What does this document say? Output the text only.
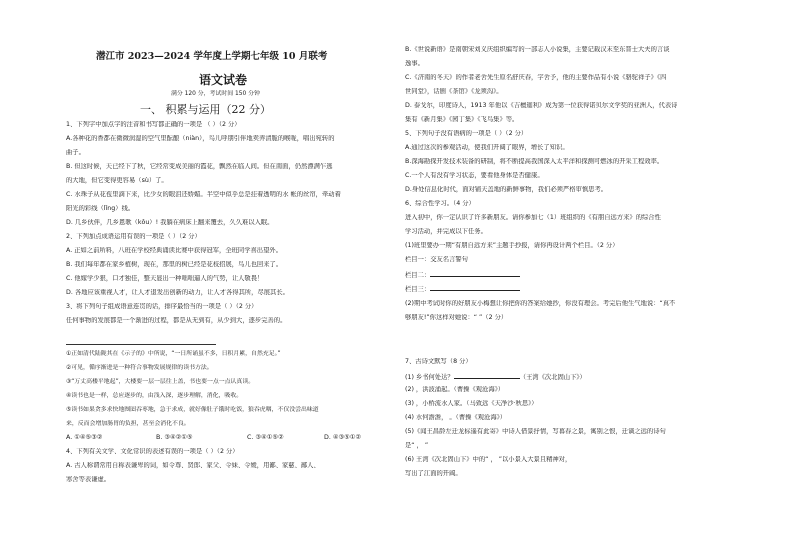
潜江市 2023—2024 学年度上学期七年级 10 月联考
语文试卷
满分 120 分，考试时间 150 分钟
一、 积累与运用（22 分）
1、下列字中加点字的注音和书写都正确的一项是 （ ）（2 分）
A.各种花的香都在微微润湿的空气里酝酿（niàn），鸟儿呼朋引伴地卖弄清脆的喉咙，唱出宛转的
曲子。
B. 但这时候，天已经下了秋，它经常变成美丽的霞花，飘然在临人间。但在南面，仍然漂满乍逃
的大地，但它变得更容易（sù）了。
C. 水珠子从花苞里滴下来，比少女的眼泪还娇媚。半空中似乎总是挂着透明的水 帐的丝帘，牵动着
阳光的彩线（lǐng）线。
D. 几乡伙伴，几乡恩歌（kǒu）! 我躺在病床上翻来覆去，久久难以入眠。
2、下列加点成语运用有误的一项是（ ）（2 分）
A. 正如之前所料，八班在学校经典诵读比赛中获得冠军，全班同学喜出望外。
B. 我们每年都在家乡植树，现在，那里的树已经是花枝招展，鸟儿也回来了。
C. 他嫁学少狠，口才独佳，整天显出一种咄咄逼人的气势，让人敬畏！
D. 各地应该重视人才，让人才退发出创新的动力，让人才各得其所，尽展其长。
3、将下列句子组成语意连贯的话，排序最恰当的一项是（ ）（2 分）
任何事物的发展都是一个渐进的过程，都是从无到有，从少到大，逐步完善的。
①正如清代陆陇其在《示子的》中所说，“一日所诵虽不多，日积月累，自然充足。”
②可见，循序渐进是一种符合事物发展规律的读书方法。
③“万丈高楼平地起”，大楼要一层一层往上盖，书也要一点一点认真读。
④读书也是一样，总应逐步的，由浅入深，逐步理解，消化，吸收。
⑤读书如果贪多求快地囫囵吞枣地，急于求成，就好像肚子饿时吃饭，狼吞虎咽，不仅没尝出味道
来，反而会增加肠胃的负担，甚至会消化不良。
A. ①④⑤③②	B. ③④②①⑤	C. ③④①⑤②	D. ④③⑤①②
4、下列有关文学、文化常识的表述有误的一项是（ ）（2 分）
A. 古人称谓常用自称表谦卑的词，如令尊、贤郎、家父、令妹、令嫒，用鄙、家慈、鄙人、
寒舍等表谦虚。
B.《世说新语》是南朝宋刘义庆组织编写的一部志人小说集，主要记载汉末至东晋士大夫的言谈
逸事。
C.《济南的冬天》的作者老舍先生原名舒庆春，字舍予，他的主要作品有小说《骆驼祥子》《四
世同堂》，话剧《茶馆》《龙须沟》。
D. 泰戈尔，印度诗人，1913 年他以《吉檀迦利》成为第一位获得诺贝尔文学奖的亚洲人，代表诗
集有《新月集》《园丁集》《飞鸟集》等。
5、下列句子没有语病的一项是（ ）（2 分）
A.通过这次的参观活动，使我们开阔了眼界，增长了知识。
B.深海勘探开发技术装备的研制，将不断提高我国深入太平洋和探测可燃冰的开采工程效率。
C.一个人有没有学习状态，要看他身体是否健康。
D.身处信息化时代，面对铺天盖地的新鲜事物，我们必须严格审慎思考。
6、综合性学习。（4 分）
进入初中，你一定认识了许多新朋友。请你参加七（1）班组织的《有朋自远方来》的综合性
学习活动，并完成以下任务。
(1)班里要办一期“有朋自远方来”主题手抄报，请你再设计两个栏目。（2 分）
栏目一：交友名言警句
栏目二：
栏目三：
(2)期中考试时你的好朋友小梅想让你把你的答案给她抄，你没有理会。考完后他生气地说：“真不
够朋友!”你这样对她说：“ ”（2 分）
7、古诗文默写（8 分）
(1) 乡书何处达？	（王湾《次北固山下》）
(2) ，洪波涌起。（曹操《观沧海》）
(3) ，小桥流水人家。（马致远《天净沙·秋思》）
(4) 水何澹澹， 。（曹操《观沧海》）
(5)《闻王昌龄左迁龙标遥有此寄》中诗人借景抒情，写暮春之景，寓别之恨，迁谪之远的诗句
是“ ， ”
(6) 王湾《次北固山下》中的“ ， ”以小景入大景且精神对，
写出了江面的开阔。
